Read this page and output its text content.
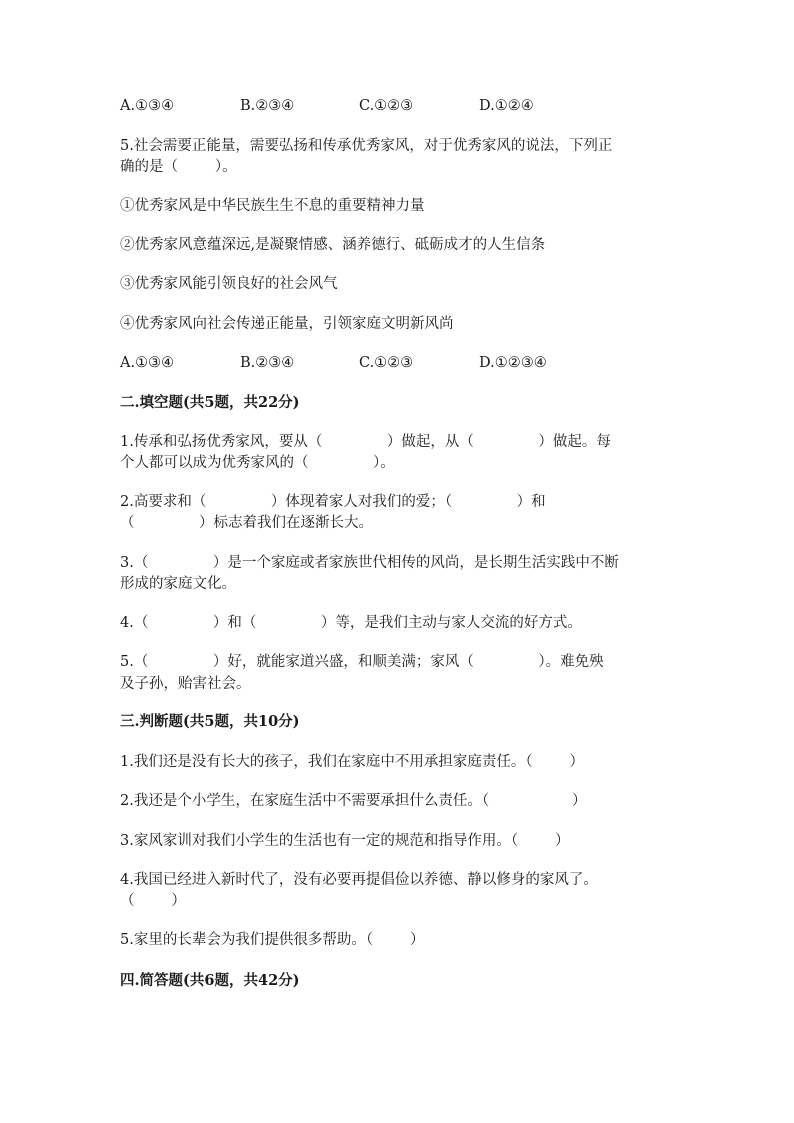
A.①③④	B.②③④	C.①②③	D.①②④
5.社会需要正能量，需要弘扬和传承优秀家风，对于优秀家风的说法，下列正
确的是（        ）。
①优秀家风是中华民族生生不息的重要精神力量
②优秀家风意蕴深远,是凝聚情感、涵养德行、砥砺成才的人生信条
③优秀家风能引领良好的社会风气
④优秀家风向社会传递正能量，引领家庭文明新风尚
A.①③④	B.②③④	C.①②③	D.①②③④
二.填空题(共5题，共22分)
1.传承和弘扬优秀家风，要从（              ）做起，从（              ）做起。每
个人都可以成为优秀家风的（              ）。
2.高要求和（              ）体现着家人对我们的爱；（              ）和
（              ）标志着我们在逐渐长大。
3.（              ）是一个家庭或者家族世代相传的风尚，是长期生活实践中不断
形成的家庭文化。
4.（              ）和（              ）等，是我们主动与家人交流的好方式。
5.（              ）好，就能家道兴盛，和顺美满；家风（              ）。难免殃
及子孙，贻害社会。
三.判断题(共5题，共10分)
1.我们还是没有长大的孩子，我们在家庭中不用承担家庭责任。（        ）
2.我还是个小学生，在家庭生活中不需要承担什么责任。（                  ）
3.家风家训对我们小学生的生活也有一定的规范和指导作用。（        ）
4.我国已经进入新时代了，没有必要再提倡俭以养德、静以修身的家风了。
（        ）
5.家里的长辈会为我们提供很多帮助。（        ）
四.简答题(共6题，共42分)
